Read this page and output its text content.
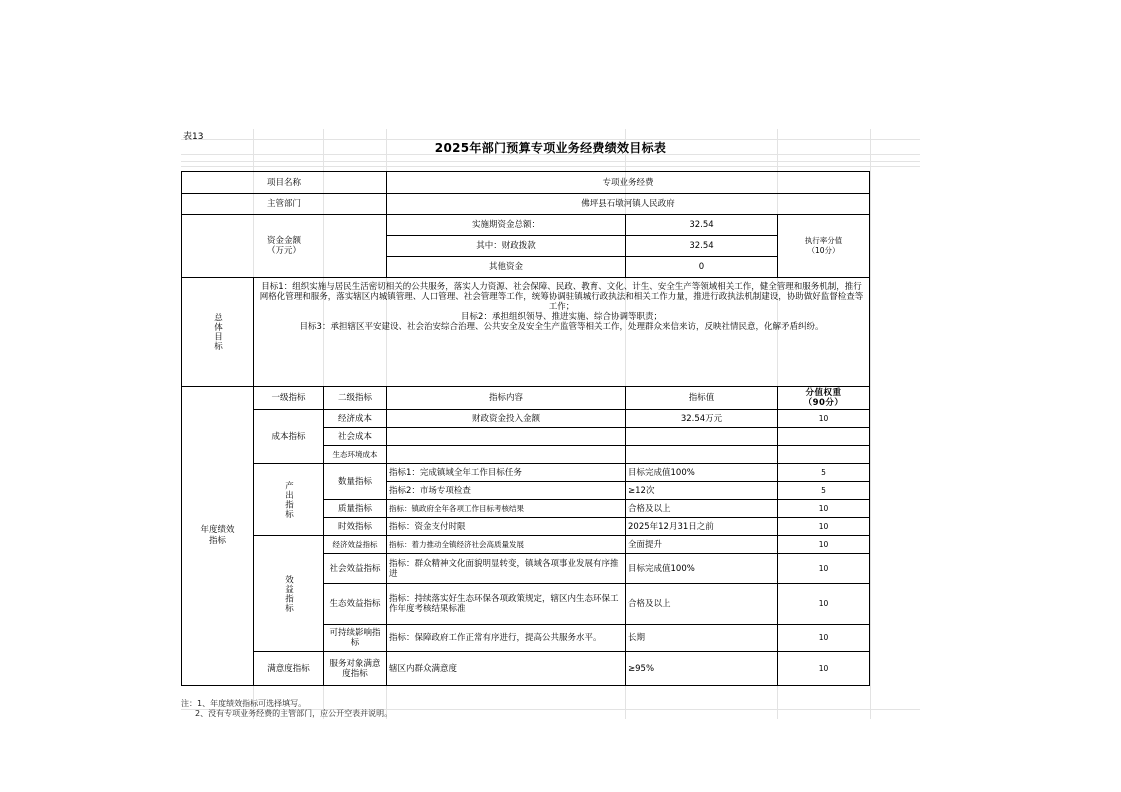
表13
2025年部门预算专项业务经费绩效目标表
项目名称			专项业务经费		
主管部门			佛坪县石墩河镇人民政府		
资金金额
（万元）			实施期资金总额：	32.54	执行率分值
（10分）
			其中：财政拨款	32.54	
			其他资金	0	

总体目标	目标1：组织实施与居民生活密切相关的公共服务，落实人力资源、社会保障、民政、教育、文化、计生、安全生产等领域相关工作，健全管理和服务机制，推行网格化管理和服务，落实辖区内城镇管理、人口管理、社会管理等工作，统筹协调驻镇城行政执法和相关工作力量，推进行政执法机制建设，协助做好监督检查等工作；
目标2：承担组织领导、推进实施、综合协调等职责；
目标3：承担辖区平安建设、社会治安综合治理、公共安全及安全生产监管等相关工作，处理群众来信来访，反映社情民意，化解矛盾纠纷。				

年度绩效指标	一级指标	二级指标	指标内容	指标值	分值权重
（90分）
	成本指标	经济成本	财政资金投入金额	32.54万元	10
		社会成本			
		生态环境成本			

	产出指标	数量指标	指标1：完成镇域全年工作目标任务	目标完成值100%	5
			指标2：市场专项检查	≥12次	5
		质量指标	指标：镇政府全年各项工作目标考核结果	合格及以上	10
		时效指标	指标：资金支付时限	2025年12月31日之前	10

	效益指标	经济效益指标	指标：着力推动全镇经济社会高质量发展	全面提升	10
		社会效益指标	指标：群众精神文化面貌明显转变，镇域各项事业发展有序推进	目标完成值100%	10
		生态效益指标	指标：持续落实好生态环保各项政策规定，辖区内生态环保工作年度考核结果标准	合格及以上	10
		可持续影响指标	指标：保障政府工作正常有序进行，提高公共服务水平。	长期	10
	满意度指标	服务对象满意度指标	辖区内群众满意度	≥95%	10
注：1、年度绩效指标可选择填写。
2、没有专项业务经费的主管部门，应公开空表并说明。
